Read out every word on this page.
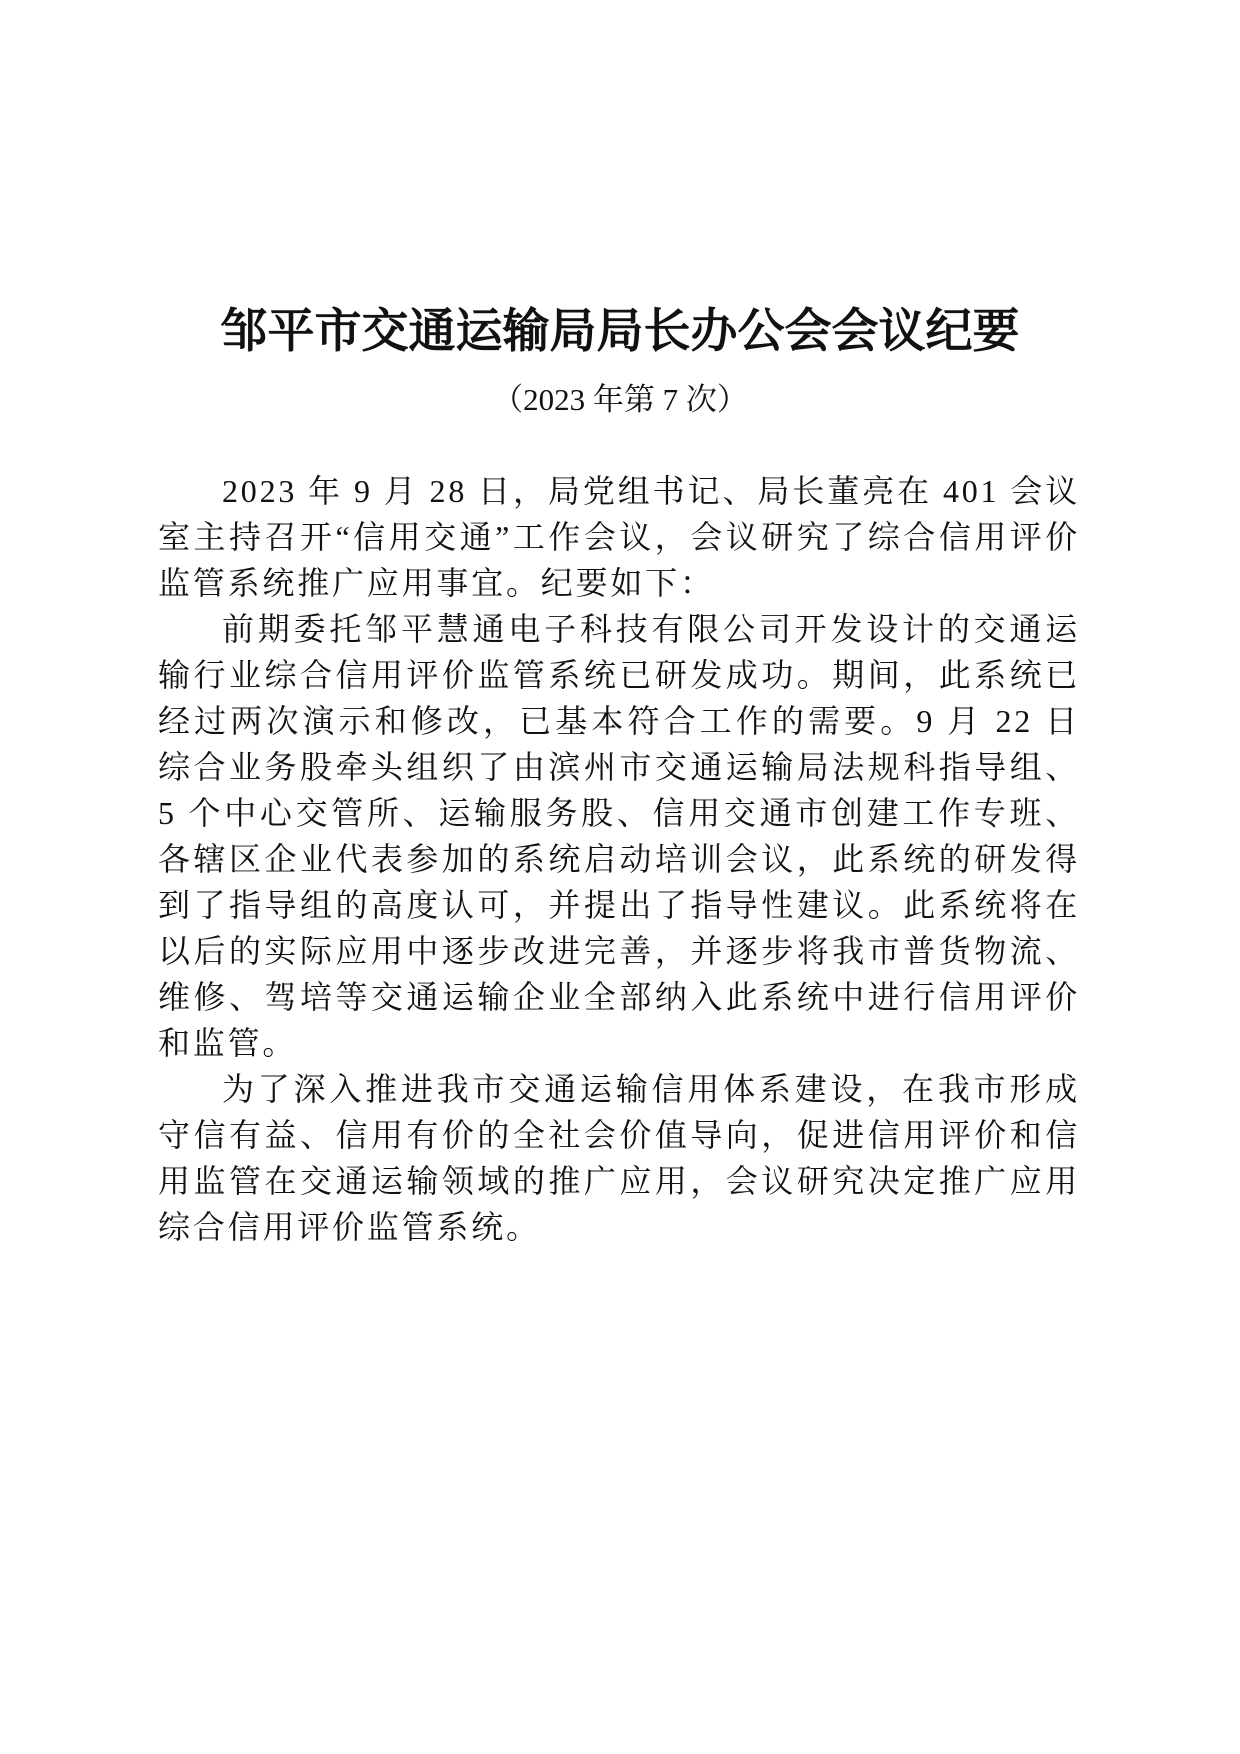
邹平市交通运输局局长办公会会议纪要
（2023 年第 7 次）

2023 年 9 月 28 日，局党组书记、局长董亮在 401 会议室主持召开“信用交通”工作会议，会议研究了综合信用评价监管系统推广应用事宜。纪要如下：

前期委托邹平慧通电子科技有限公司开发设计的交通运输行业综合信用评价监管系统已研发成功。期间，此系统已经过两次演示和修改，已基本符合工作的需要。9 月 22 日综合业务股牵头组织了由滨州市交通运输局法规科指导组、5 个中心交管所、运输服务股、信用交通市创建工作专班、各辖区企业代表参加的系统启动培训会议，此系统的研发得到了指导组的高度认可，并提出了指导性建议。此系统将在以后的实际应用中逐步改进完善，并逐步将我市普货物流、维修、驾培等交通运输企业全部纳入此系统中进行信用评价和监管。

为了深入推进我市交通运输信用体系建设，在我市形成守信有益、信用有价的全社会价值导向，促进信用评价和信用监管在交通运输领域的推广应用，会议研究决定推广应用综合信用评价监管系统。
